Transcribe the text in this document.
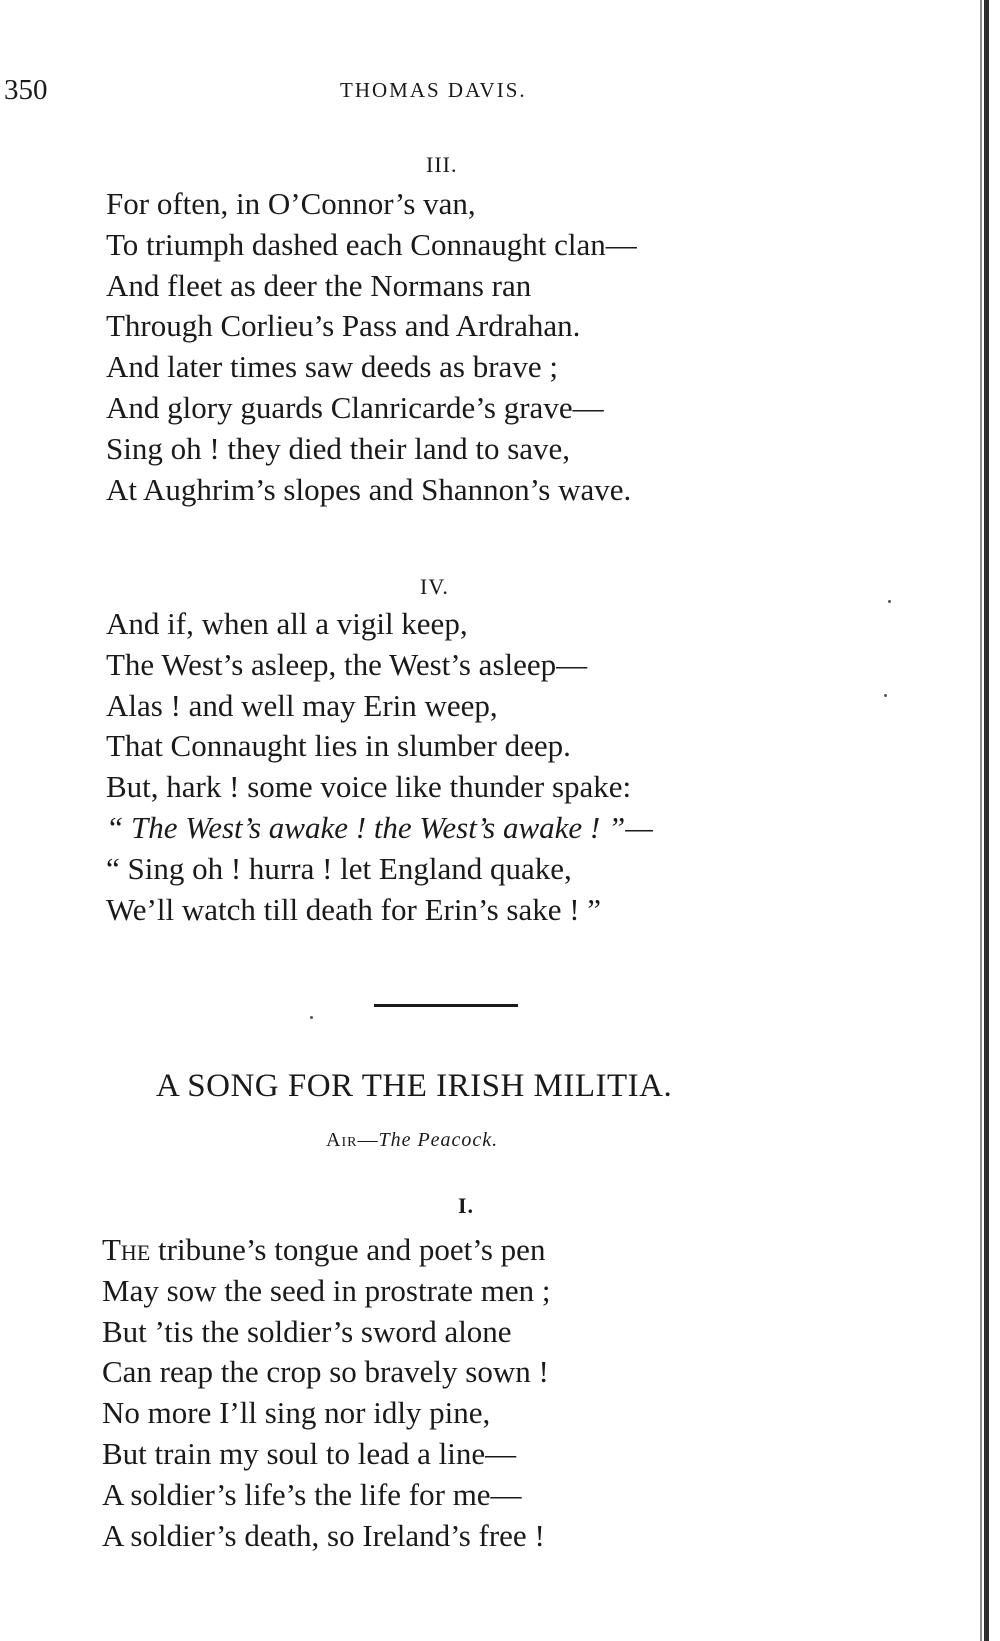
350	THOMAS DAVIS.
III.
For often, in O’Connor’s van,
To triumph dashed each Connaught clan—
And fleet as deer the Normans ran
Through Corlieu’s Pass and Ardrahan.
And later times saw deeds as brave ;
And glory guards Clanricarde’s grave—
Sing oh ! they died their land to save,
At Aughrim’s slopes and Shannon’s wave.
IV.
And if, when all a vigil keep,
The West’s asleep, the West’s asleep—
Alas ! and well may Erin weep,
That Connaught lies in slumber deep.
But, hark ! some voice like thunder spake:
“ The West’s awake ! the West’s awake ! ”—
“ Sing oh ! hurra ! let England quake,
We’ll watch till death for Erin’s sake ! ”
A SONG FOR THE IRISH MILITIA.
Air—The Peacock.
I.
The tribune’s tongue and poet’s pen
May sow the seed in prostrate men ;
But ’tis the soldier’s sword alone
Can reap the crop so bravely sown !
No more I’ll sing nor idly pine,
But train my soul to lead a line—
A soldier’s life’s the life for me—
A soldier’s death, so Ireland’s free !
